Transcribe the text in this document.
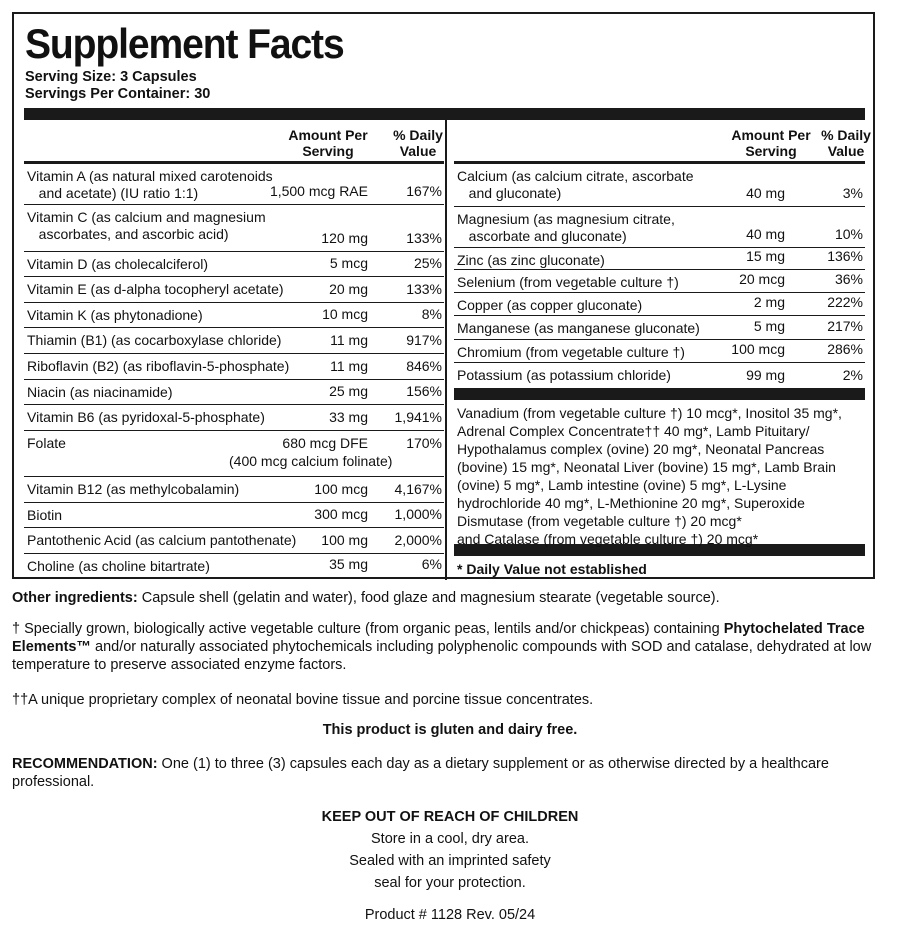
Supplement Facts
Serving Size: 3 Capsules
Servings Per Container: 30
Amount Per
Serving
% Daily
Value
Vitamin A (as natural mixed carotenoids
and acetate) (IU ratio 1:1)	1,500 mcg RAE	167%
Vitamin C (as calcium and magnesium
ascorbates, and ascorbic acid)	120 mg	133%
Vitamin D (as cholecalciferol)	5 mcg	25%
Vitamin E (as d-alpha tocopheryl acetate)	20 mg	133%
Vitamin K (as phytonadione)	10 mcg	8%
Thiamin (B1) (as cocarboxylase chloride)	11 mg	917%
Riboflavin (B2) (as riboflavin-5-phosphate)	11 mg	846%
Niacin (as niacinamide)	25 mg	156%
Vitamin B6 (as pyridoxal-5-phosphate)	33 mg 1,941%
Folate	680 mcg DFE	170%
(400 mcg calcium folinate)
Vitamin B12 (as methylcobalamin)	100 mcg 4,167%
Biotin	300 mcg 1,000%
Pantothenic Acid (as calcium pantothenate) 100 mg 2,000%
Choline (as choline bitartrate)	35 mg	6%
Amount Per
Serving
% Daily
Value
Calcium (as calcium citrate, ascorbate
and gluconate)	40 mg	3%
Magnesium (as magnesium citrate,
ascorbate and gluconate)	40 mg	10%
Zinc (as zinc gluconate)	15 mg	136%
Selenium (from vegetable culture †)	20 mcg	36%
Copper (as copper gluconate)	2 mg	222%
Manganese (as manganese gluconate)	5 mg	217%
Chromium (from vegetable culture †)	100 mcg	286%
Potassium (as potassium chloride)	99 mg	2%
Vanadium (from vegetable culture †) 10 mcg*, Inositol 35 mg*,
Adrenal Complex Concentrate†† 40 mg*, Lamb Pituitary/
Hypothalamus complex (ovine) 20 mg*, Neonatal Pancreas
(bovine) 15 mg*, Neonatal Liver (bovine) 15 mg*, Lamb Brain
(ovine) 5 mg*, Lamb intestine (ovine) 5 mg*, L-Lysine
hydrochloride 40 mg*, L-Methionine 20 mg*, Superoxide
Dismutase (from vegetable culture †) 20 mcg*
and Catalase (from vegetable culture †) 20 mcg*
* Daily Value not established
Other ingredients: Capsule shell (gelatin and water), food glaze and magnesium stearate (vegetable source).
† Specially grown, biologically active vegetable culture (from organic peas, lentils and/or chickpeas) containing Phytochelated Trace Elements™ and/or naturally associated phytochemicals including polyphenolic compounds with SOD and catalase, dehydrated at low temperature to preserve associated enzyme factors.
††A unique proprietary complex of neonatal bovine tissue and porcine tissue concentrates.
This product is gluten and dairy free.
RECOMMENDATION: One (1) to three (3) capsules each day as a dietary supplement or as otherwise directed by a healthcare professional.
KEEP OUT OF REACH OF CHILDREN
Store in a cool, dry area.
Sealed with an imprinted safety
seal for your protection.
Product # 1128 Rev. 05/24
